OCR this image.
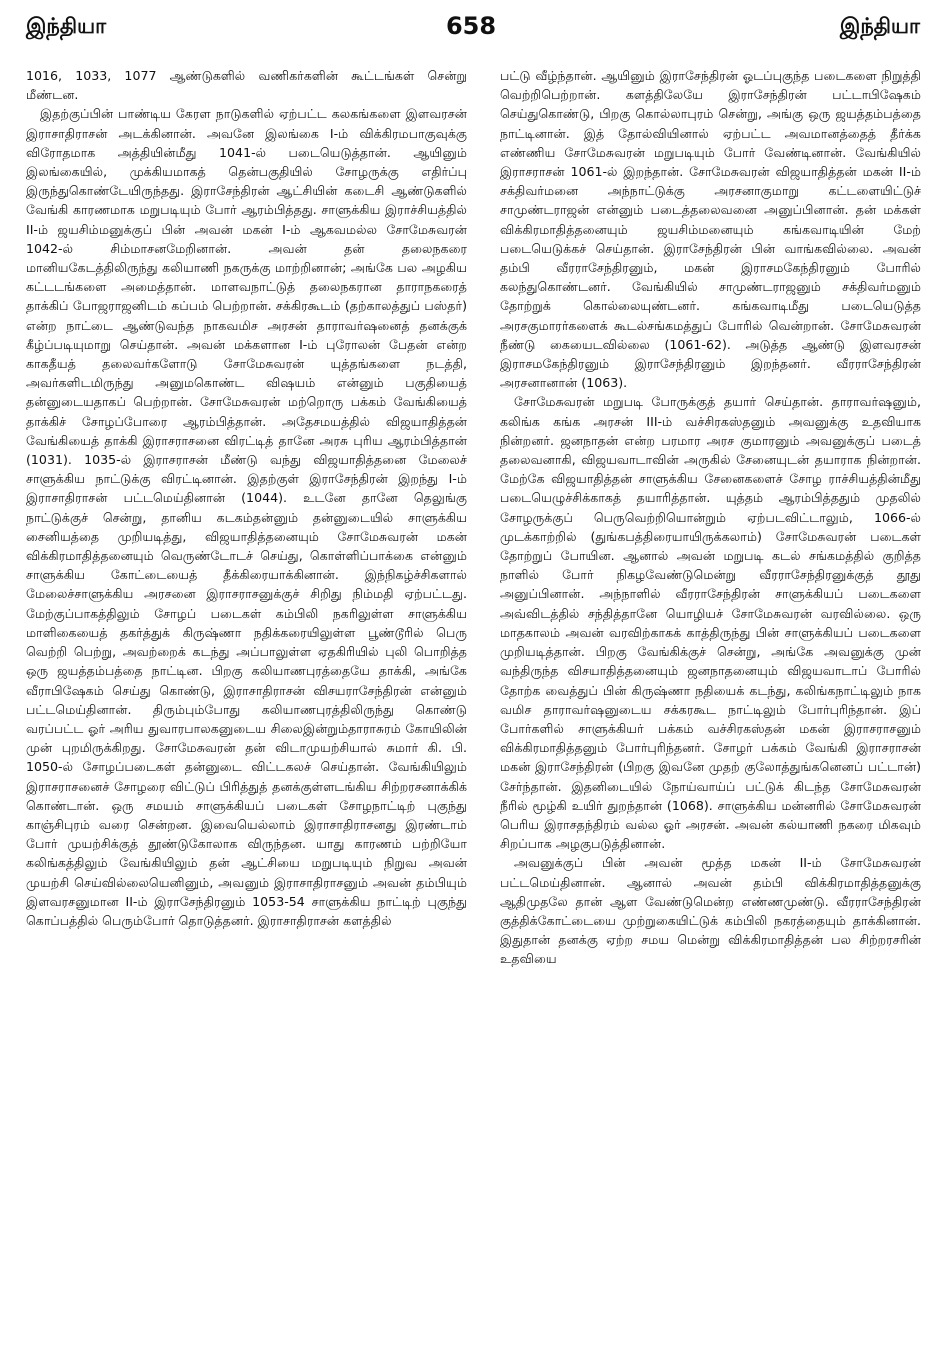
இந்தியா	658	இந்தியா

1016, 1033, 1077 ஆண்டுகளில் வணிகர்களின் கூட்டங்கள் சென்று மீண்டன.

இதற்குப்பின் பாண்டிய கேரள நாடுகளில் ஏற்பட்ட கலகங்களை இளவரசன் இராசாதிராசன் அடக்கினான். அவனே இலங்கை I-ம் விக்கிரமபாகுவுக்கு விரோதமாக அத்தியின்மீது 1041-ல் படையெடுத்தான். ஆயினும் இலங்கையில், முக்கியமாகத் தென்பகுதியில் சோழருக்கு எதிர்ப்பு இருந்துகொண்டேயிருந்தது. இராசேந்திரன் ஆட்சியின் கடைசி ஆண்டுகளில் வேங்கி காரணமாக மறுபடியும் போர் ஆரம்பித்தது. சாளுக்கிய இராச்சியத்தில் II-ம் ஜயசிம்மனுக்குப் பின் அவன் மகன் I-ம் ஆகவமல்ல சோமேசுவரன் 1042-ல் சிம்மாசனமேறினான். அவன் தன் தலைநகரை மானியகேடத்திலிருந்து கலியாணி நகருக்கு மாற்றினான்; அங்கே பல அழகிய கட்டடங்களை அமைத்தான். மாளவநாட்டுத் தலைநகரான தாராநகரைத் தாக்கிப் போஜராஜனிடம் கப்பம் பெற்றான். சக்கிரகூடம் (தற்காலத்துப் பஸ்தர்) என்ற நாட்டை ஆண்டுவந்த நாகவமிச அரசன் தாராவர்ஷனைத் தனக்குக் கீழ்ப்படியுமாறு செய்தான். அவன் மக்களான I-ம் புரோலன் பேதன் என்ற காகதீயத் தலைவர்களோடு சோமேசுவரன் யுத்தங்களை நடத்தி, அவர்களிடமிருந்து அனுமகொண்ட விஷயம் என்னும் பகுதியைத் தன்னுடையதாகப் பெற்றான். சோமேசுவரன் மற்றொரு பக்கம் வேங்கியைத் தாக்கிச் சோழப்போரை ஆரம்பித்தான். அதேசமயத்தில் விஜயாதித்தன் வேங்கியைத் தாக்கி இராசராசனை விரட்டித் தானே அரசு புரிய ஆரம்பித்தான் (1031). 1035-ல் இராசராசன் மீண்டு வந்து விஜயாதித்தனை மேலைச் சாளுக்கிய நாட்டுக்கு விரட்டினான். இதற்குள் இராசேந்திரன் இறந்து I-ம் இராசாதிராசன் பட்டமெய்தினான் (1044). உடனே தானே தெலுங்கு நாட்டுக்குச் சென்று, தானிய கடகம்தன்னும் தன்னுடையில் சாளுக்கிய சைனியத்தை முறியடித்து, விஜயாதித்தனையும் சோமேசுவரன் மகன் விக்கிரமாதித்தனையும் வெருண்டோடச் செய்து, கொள்ளிப்பாக்கை என்னும் சாளுக்கிய கோட்டையைத் தீக்கிரையாக்கினான். இந்நிகழ்ச்சிகளால் மேலைச்சாளுக்கிய அரசனை இராசராசனுக்குச் சிறிது நிம்மதி ஏற்பட்டது. மேற்குப்பாகத்திலும் சோழப் படைகள் கம்பிலி நகரிலுள்ள சாளுக்கிய மாளிகையைத் தகர்த்துக் கிருஷ்ணா நதிக்கரையிலுள்ள பூண்டூரில் பெரு வெற்றி பெற்று, அவற்றைக் கடந்து அப்பாலுள்ள ஏதகிரியில் புலி பொறித்த ஒரு ஜயத்தம்பத்தை நாட்டின. பிறகு கலியாணபுரத்தையே தாக்கி, அங்கே வீராபிஷேகம் செய்து கொண்டு, இராசாதிராசன் விசயராசேந்திரன் என்னும் பட்டமெய்தினான். திரும்பும்போது கலியாணபுரத்திலிருந்து கொண்டு வரப்பட்ட ஓர் அரிய துவாரபாலகனுடைய சிலைஇன்றும்தாராசுரம் கோயிலின் முன் புறமிருக்கிறது. சோமேசுவரன் தன் விடாமுயற்சியால் சுமார் கி. பி. 1050-ல் சோழப்படைகள் தன்னுடை விட்டகலச் செய்தான். வேங்கியிலும் இராசராசனைச் சோழரை விட்டுப் பிரித்துத் தனக்குள்ளடங்கிய சிற்றரசனாக்கிக் கொண்டான். ஒரு சமயம் சாளுக்கியப் படைகள் சோழநாட்டிற் புகுந்து காஞ்சிபுரம் வரை சென்றன. இவையெல்லாம் இராசாதிராசனது இரண்டாம் போர் முயற்சிக்குத் தூண்டுகோலாக விருந்தன. யாது காரணம் பற்றியோ கலிங்கத்திலும் வேங்கியிலும் தன் ஆட்சியை மறுபடியும் நிறுவ அவன் முயற்சி செய்வில்லையெனினும், அவனும் இராசாதிராசனும் அவன் தம்பியும் இளவரசனுமான II-ம் இராசேந்திரனும் 1053-54 சாளுக்கிய நாட்டிற் புகுந்து கொப்பத்தில் பெரும்போர் தொடுத்தனர். இராசாதிராசன் களத்தில்

பட்டு வீழ்ந்தான். ஆயினும் இராசேந்திரன் ஓடப்புகுந்த படைகளை நிறுத்தி வெற்றிபெற்றான். களத்திலேயே இராசேந்திரன் பட்டாபிஷேகம் செய்துகொண்டு, பிறகு கொல்லாபுரம் சென்று, அங்கு ஒரு ஜயத்தம்பத்தை நாட்டினான். இத் தோல்வியினால் ஏற்பட்ட அவமானத்தைத் தீர்க்க எண்ணிய சோமேசுவரன் மறுபடியும் போர் வேண்டினான். வேங்கியில் இராசராசன் 1061-ல் இறந்தான். சோமேசுவரன் விஜயாதித்தன் மகன் II-ம் சக்திவர்மனை அந்நாட்டுக்கு அரசனாகுமாறு கட்டளையிட்டுச் சாமுண்டராஜன் என்னும் படைத்தலைவனை அனுப்பினான். தன் மக்கள் விக்கிரமாதித்தனையும் ஜயசிம்மனையும் கங்கவாடியின் மேற் படையெடுக்கச் செய்தான். இராசேந்திரன் பின் வாங்கவில்லை. அவன் தம்பி வீரராசேந்திரனும், மகன் இராசமகேந்திரனும் போரில் கலந்துகொண்டனர். வேங்கியில் சாமுண்டராஜனும் சக்திவர்மனும் தோற்றுக் கொல்லையுண்டனர். கங்கவாடிமீது படையெடுத்த அரசகுமாரர்களைக் கூடல்சங்கமத்துப் போரில் வென்றான். சோமேசுவரன் நீண்டு கையைடவில்லை (1061-62). அடுத்த ஆண்டு இளவரசன் இராசமகேந்திரனும் இராசேந்திரனும் இறந்தனர். வீரராசேந்திரன் அரசனானான் (1063).

சோமேசுவரன் மறுபடி போருக்குத் தயார் செய்தான். தாராவர்ஷனும், கலிங்க கங்க அரசன் III-ம் வச்சிரகஸ்தனும் அவனுக்கு உதவியாக நின்றனர். ஜனநாதன் என்ற பரமார அரச குமாரனும் அவனுக்குப் படைத் தலைவனாகி, விஜயவாடாவின் அருகில் சேனையுடன் தயாராக நின்றான். மேற்கே விஜயாதித்தன் சாளுக்கிய சேனைகளைச் சோழ ராச்சியத்தின்மீது படையெழுச்சிக்காகத் தயாரித்தான். யுத்தம் ஆரம்பித்ததும் முதலில் சோழருக்குப் பெருவெற்றியொன்றும் ஏற்படவிட்டாலும், 1066-ல் முடக்காற்றில் (துங்கபத்திரையாயிருக்கலாம்) சோமேசுவரன் படைகள் தோற்றுப் போயின. ஆனால் அவன் மறுபடி கடல் சங்கமத்தில் குறித்த நாளில் போர் நிகழவேண்டுமென்று வீரராசேந்திரனுக்குத் தூது அனுப்பினான். அந்நாளில் வீரராசேந்திரன் சாளுக்கியப் படைகளை அவ்விடத்தில் சந்தித்தானே யொழியச் சோமேசுவரன் வரவில்லை. ஒரு மாதகாலம் அவன் வரவிற்காகக் காத்திருந்து பின் சாளுக்கியப் படைகளை முறியடித்தான். பிறகு வேங்கிக்குச் சென்று, அங்கே அவனுக்கு முன் வந்திருந்த விசயாதித்தனையும் ஜனநாதனையும் விஜயவாடாப் போரில் தோற்க வைத்துப் பின் கிருஷ்ணா நதியைக் கடந்து, கலிங்கநாட்டிலும் நாக வமிச தாராவர்ஷனுடைய சக்கரகூட நாட்டிலும் போர்புரிந்தான். இப் போர்களில் சாளுக்கியர் பக்கம் வச்சிரகஸ்தன் மகன் இராசராசனும் விக்கிரமாதித்தனும் போர்புரிந்தனர். சோழர் பக்கம் வேங்கி இராசராசன் மகன் இராசேந்திரன் (பிறகு இவனே முதற் குலோத்துங்கனெனப் பட்டான்) சேர்ந்தான். இதனிடையில் நோய்வாய்ப் பட்டுக் கிடந்த சோமேசுவரன் நீரில் மூழ்கி உயிர் துறந்தான் (1068). சாளுக்கிய மன்னரில் சோமேசுவரன் பெரிய இராசதந்திரம் வல்ல ஓர் அரசன். அவன் கல்யாணி நகரை மிகவும் சிறப்பாக அழகுபடுத்தினான்.

அவனுக்குப் பின் அவன் மூத்த மகன் II-ம் சோமேசுவரன் பட்டமெய்தினான். ஆனால் அவன் தம்பி விக்கிரமாதித்தனுக்கு ஆதிமுதலே தான் ஆள வேண்டுமென்ற எண்ணமுண்டு. வீரராசேந்திரன் குத்திக்கோட்டையை முற்றுகையிட்டுக் கம்பிலி நகரத்தையும் தாக்கினான். இதுதான் தனக்கு ஏற்ற சமய மென்று விக்கிரமாதித்தன் பல சிற்றரசரின் உதவியை
